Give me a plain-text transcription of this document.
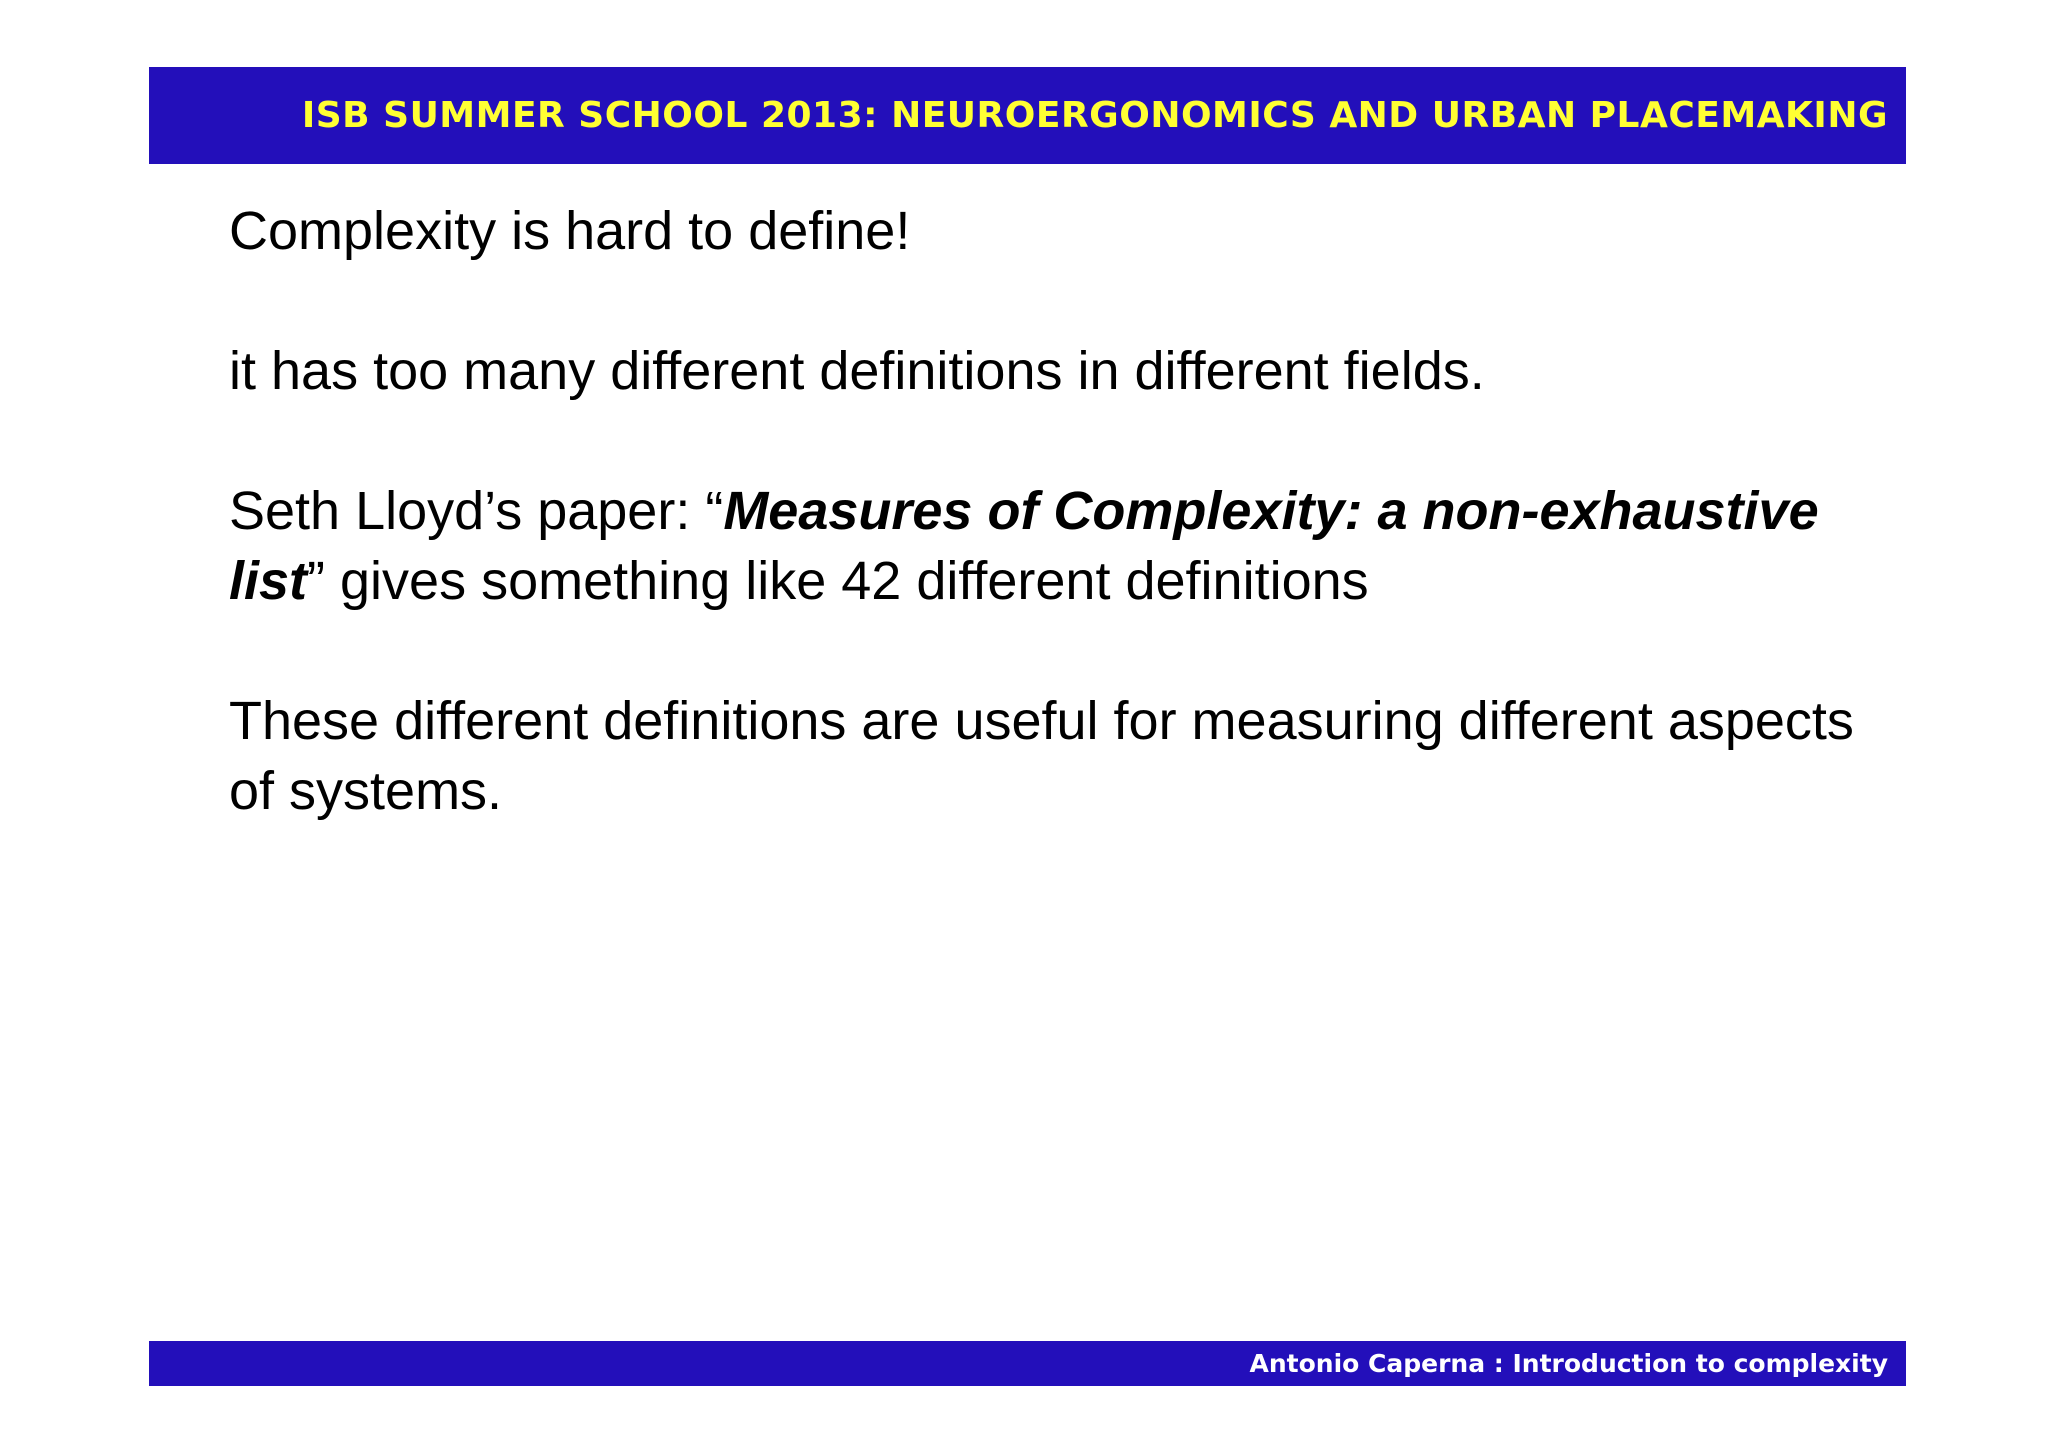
ISB SUMMER SCHOOL 2013: NEUROERGONOMICS AND URBAN PLACEMAKING

Complexity is hard to define!

it has too many different definitions in different fields.

Seth Lloyd’s paper: “Measures of Complexity: a non-exhaustive list” gives something like 42 different definitions

These different definitions are useful for measuring different aspects of systems.

Antonio Caperna : Introduction to complexity
